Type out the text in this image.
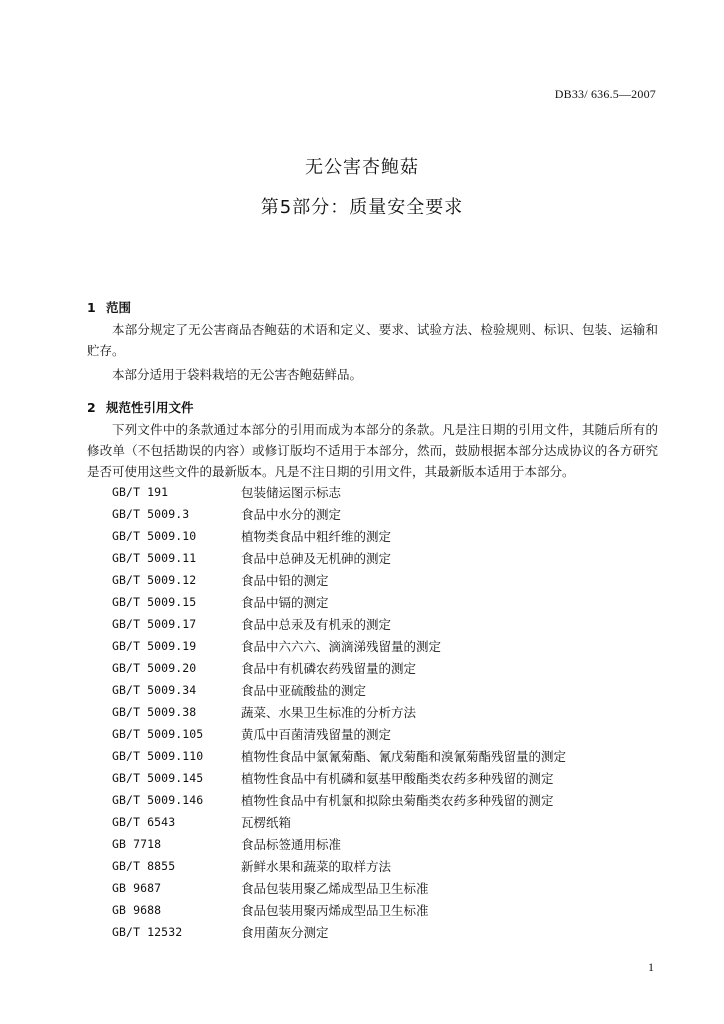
DB33/ 636.5—2007
无公害杏鲍菇
第5部分：质量安全要求
1 范围

本部分规定了无公害商品杏鲍菇的术语和定义、要求、试验方法、检验规则、标识、包装、运输和贮存。

本部分适用于袋料栽培的无公害杏鲍菇鲜品。

2 规范性引用文件

下列文件中的条款通过本部分的引用而成为本部分的条款。凡是注日期的引用文件，其随后所有的修改单（不包括勘误的内容）或修订版均不适用于本部分，然而，鼓励根据本部分达成协议的各方研究是否可使用这些文件的最新版本。凡是不注日期的引用文件，其最新版本适用于本部分。

GB/T 191	包装储运图示标志
GB/T 5009.3	食品中水分的测定
GB/T 5009.10	植物类食品中粗纤维的测定
GB/T 5009.11	食品中总砷及无机砷的测定
GB/T 5009.12	食品中铅的测定
GB/T 5009.15	食品中镉的测定
GB/T 5009.17	食品中总汞及有机汞的测定
GB/T 5009.19	食品中六六六、滴滴涕残留量的测定
GB/T 5009.20	食品中有机磷农药残留量的测定
GB/T 5009.34	食品中亚硫酸盐的测定
GB/T 5009.38	蔬菜、水果卫生标准的分析方法
GB/T 5009.105	黄瓜中百菌清残留量的测定
GB/T 5009.110	植物性食品中氯氰菊酯、氰戊菊酯和溴氰菊酯残留量的测定
GB/T 5009.145	植物性食品中有机磷和氨基甲酸酯类农药多种残留的测定
GB/T 5009.146	植物性食品中有机氯和拟除虫菊酯类农药多种残留的测定
GB/T 6543	瓦楞纸箱
GB 7718	食品标签通用标准
GB/T 8855	新鲜水果和蔬菜的取样方法
GB 9687	食品包装用聚乙烯成型品卫生标准
GB 9688	食品包装用聚丙烯成型品卫生标准
GB/T 12532	食用菌灰分测定
1
